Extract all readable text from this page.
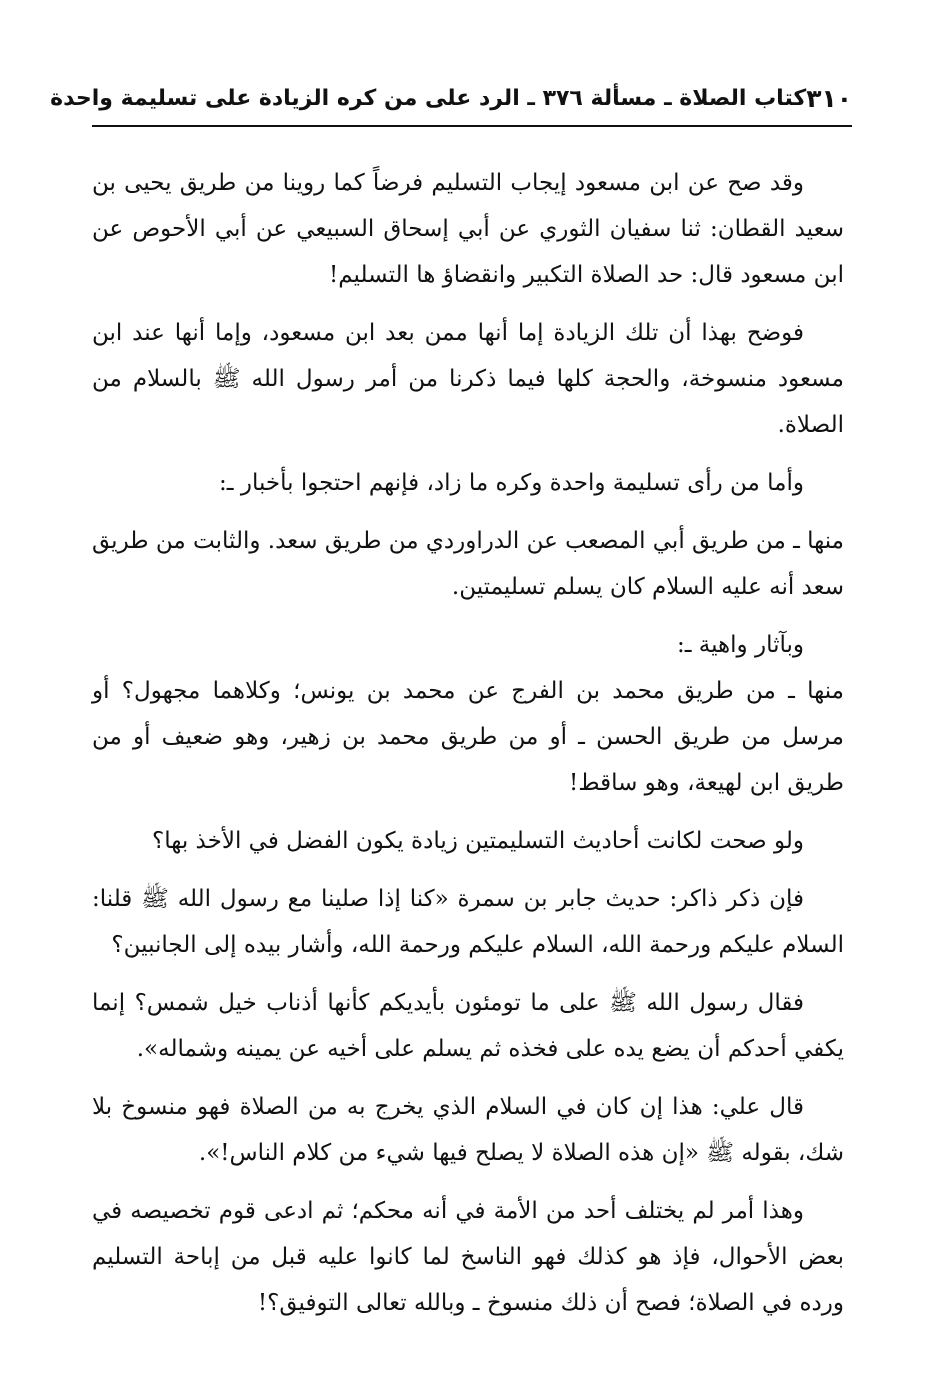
٣١٠
كتاب الصلاة ـ مسألة ٣٧٦ ـ الرد على من كره الزيادة على تسليمة واحدة

وقد صح عن ابن مسعود إيجاب التسليم فرضاً كما روينا من طريق يحيى بن سعيد القطان: ثنا سفيان الثوري عن أبي إسحاق السبيعي عن أبي الأحوص عن ابن مسعود قال: حد الصلاة التكبير وانقضاؤ ها التسليم!

فوضح بهذا أن تلك الزيادة إما أنها ممن بعد ابن مسعود، وإما أنها عند ابن مسعود منسوخة، والحجة كلها فيما ذكرنا من أمر رسول الله ﷺ بالسلام من الصلاة.

وأما من رأى تسليمة واحدة وكره ما زاد، فإنهم احتجوا بأخبار ـ:

منها ـ من طريق أبي المصعب عن الدراوردي من طريق سعد. والثابت من طريق سعد أنه عليه السلام كان يسلم تسليمتين.

وبآثار واهية ـ:

منها ـ من طريق محمد بن الفرج عن محمد بن يونس؛ وكلاهما مجهول؟ أو مرسل من طريق الحسن ـ أو من طريق محمد بن زهير، وهو ضعيف أو من طريق ابن لهيعة، وهو ساقط!

ولو صحت لكانت أحاديث التسليمتين زيادة يكون الفضل في الأخذ بها؟

فإن ذكر ذاكر: حديث جابر بن سمرة «كنا إذا صلينا مع رسول الله ﷺ قلنا: السلام عليكم ورحمة الله، السلام عليكم ورحمة الله، وأشار بيده إلى الجانبين؟

فقال رسول الله ﷺ على ما تومئون بأيديكم كأنها أذناب خيل شمس؟ إنما يكفي أحدكم أن يضع يده على فخذه ثم يسلم على أخيه عن يمينه وشماله».

قال علي: هذا إن كان في السلام الذي يخرج به من الصلاة فهو منسوخ بلا شك، بقوله ﷺ «إن هذه الصلاة لا يصلح فيها شيء من كلام الناس!».

وهذا أمر لم يختلف أحد من الأمة في أنه محكم؛ ثم ادعى قوم تخصيصه في بعض الأحوال، فإذ هو كذلك فهو الناسخ لما كانوا عليه قبل من إباحة التسليم ورده في الصلاة؛ فصح أن ذلك منسوخ ـ وبالله تعالى التوفيق؟!
